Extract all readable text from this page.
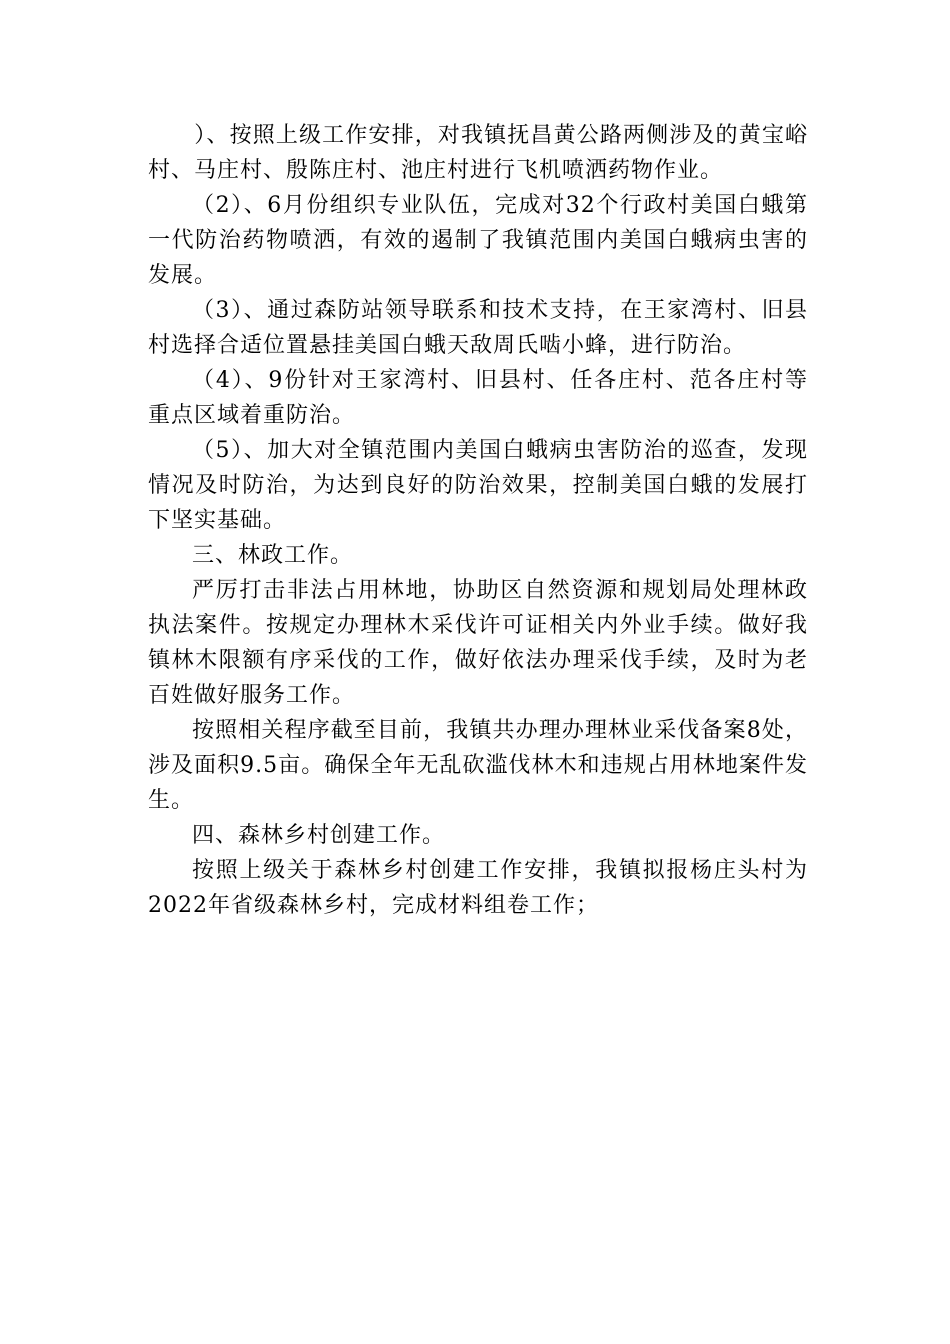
　　）、按照上级工作安排，对我镇抚昌黄公路两侧涉及的黄宝峪村、马庄村、殷陈庄村、池庄村进行飞机喷洒药物作业。

（2）、6月份组织专业队伍，完成对32个行政村美国白蛾第一代防治药物喷洒，有效的遏制了我镇范围内美国白蛾病虫害的发展。

（3）、通过森防站领导联系和技术支持，在王家湾村、旧县村选择合适位置悬挂美国白蛾天敌周氏啮小蜂，进行防治。

（4）、9份针对王家湾村、旧县村、任各庄村、范各庄村等重点区域着重防治。

（5）、加大对全镇范围内美国白蛾病虫害防治的巡查，发现情况及时防治，为达到良好的防治效果，控制美国白蛾的发展打下坚实基础。

三、林政工作。

严厉打击非法占用林地，协助区自然资源和规划局处理林政执法案件。按规定办理林木采伐许可证相关内外业手续。做好我镇林木限额有序采伐的工作，做好依法办理采伐手续，及时为老百姓做好服务工作。

按照相关程序截至目前，我镇共办理办理林业采伐备案8处，涉及面积9.5亩。确保全年无乱砍滥伐林木和违规占用林地案件发生。

四、森林乡村创建工作。

按照上级关于森林乡村创建工作安排，我镇拟报杨庄头村为2022年省级森林乡村，完成材料组卷工作；
